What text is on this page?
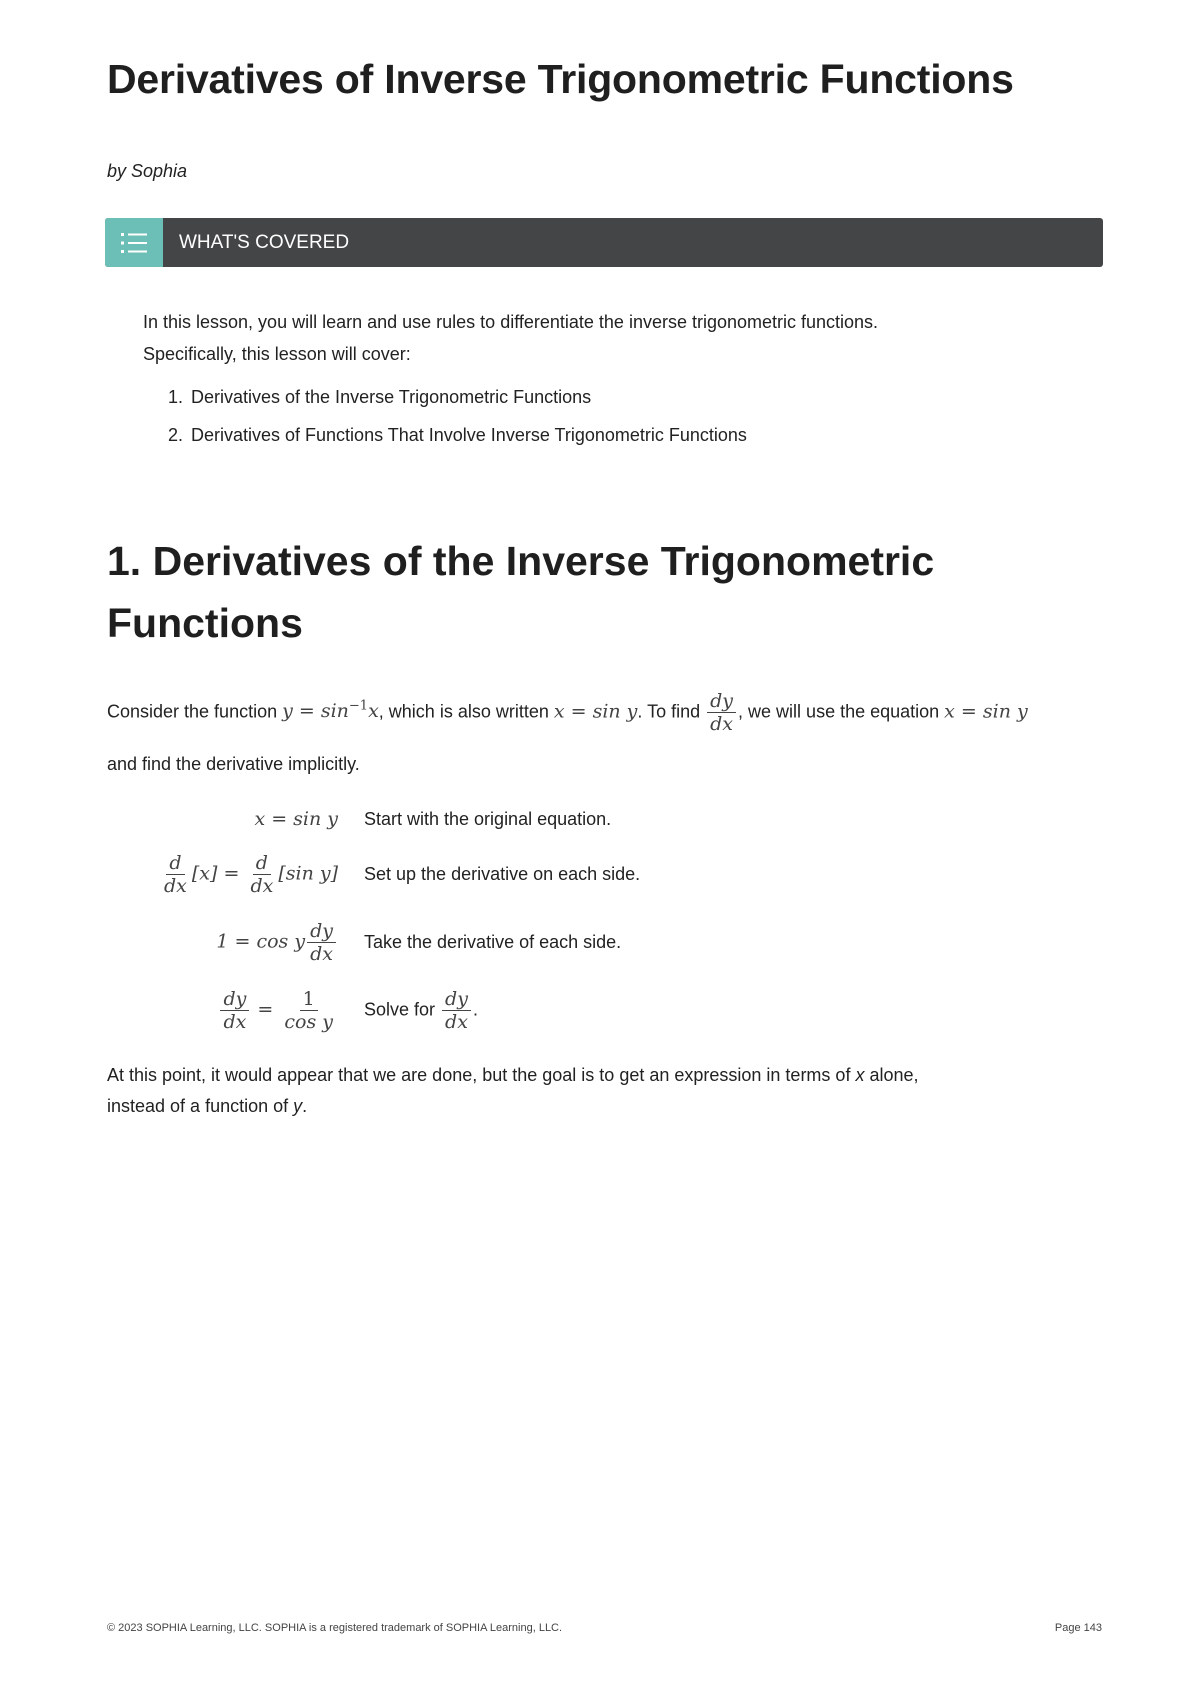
Derivatives of Inverse Trigonometric Functions
by Sophia
WHAT'S COVERED

In this lesson, you will learn and use rules to differentiate the inverse trigonometric functions.

Specifically, this lesson will cover:

1. Derivatives of the Inverse Trigonometric Functions
2. Derivatives of Functions That Involve Inverse Trigonometric Functions
1. Derivatives of the Inverse Trigonometric
Functions
Consider the function $y = \sin^{-1}x$, which is also written x = sin y. To find $\frac{dy}{dx}$ , we will use the equation x = sin y
and find the derivative implicitly.
x = sin y	Start with the original equation.
$\frac{d}{dx} [x] = \frac{d}{dx} [\sin$ y]	Set up the derivative on each side.
1 = cos y $\frac{dy}{dx}$ Take the derivative of each side.
$\frac{dy}{dx} = \frac{1}{\text{cos y}}$ Solve for $\frac{dy}{dx}$ .

At this point, it would appear that we are done, but the goal is to get an expression in terms of x alone,

instead of a function of y.

© 2023 SOPHIA Learning, LLC. SOPHIA is a registered trademark of SOPHIA Learning, LLC.	Page 143
